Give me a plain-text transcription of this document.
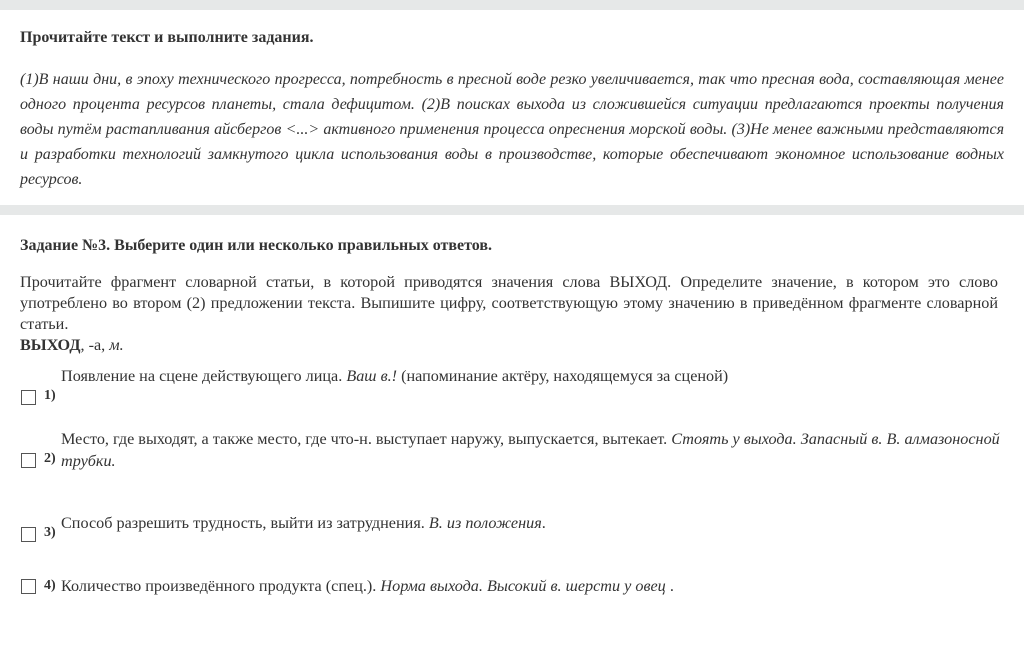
Прочитайте текст и выполните задания.

(1)В наши дни, в эпоху технического прогресса, потребность в пресной воде резко увеличивается, так что пресная вода, составляющая менее одного процента ресурсов планеты, стала дефицитом. (2)В поисках выхода из сложившейся ситуации предлагаются проекты получения воды путём растапливания айсбергов <...> активного применения процесса опреснения морской воды. (3)Не менее важными представляются и разработки технологий замкнутого цикла использования воды в производстве, которые обеспечивают экономное использование водных ресурсов.

Задание №3. Выберите один или несколько правильных ответов.

Прочитайте фрагмент словарной статьи, в которой приводятся значения слова ВЫХОД. Определите значение, в котором это слово употреблено во втором (2) предложении текста. Выпишите цифру, соответствующую этому значению в приведённом фрагменте словарной статьи.

ВЫХОД, -а, м.
Появление на сцене действующего лица. Ваш в.! (напоминание актёру, находящемуся за сценой)
1)
Место, где выходят, а также место, где что-н. выступает наружу, выпускается, вытекает. Стоять у выхода. Запасный в. В. алмазоносной трубки.
2)
Способ разрешить трудность, выйти из затруднения. В. из положения.
3)
Количество произведённого продукта (спец.). Норма выхода. Высокий в. шерсти у овец .
4)
